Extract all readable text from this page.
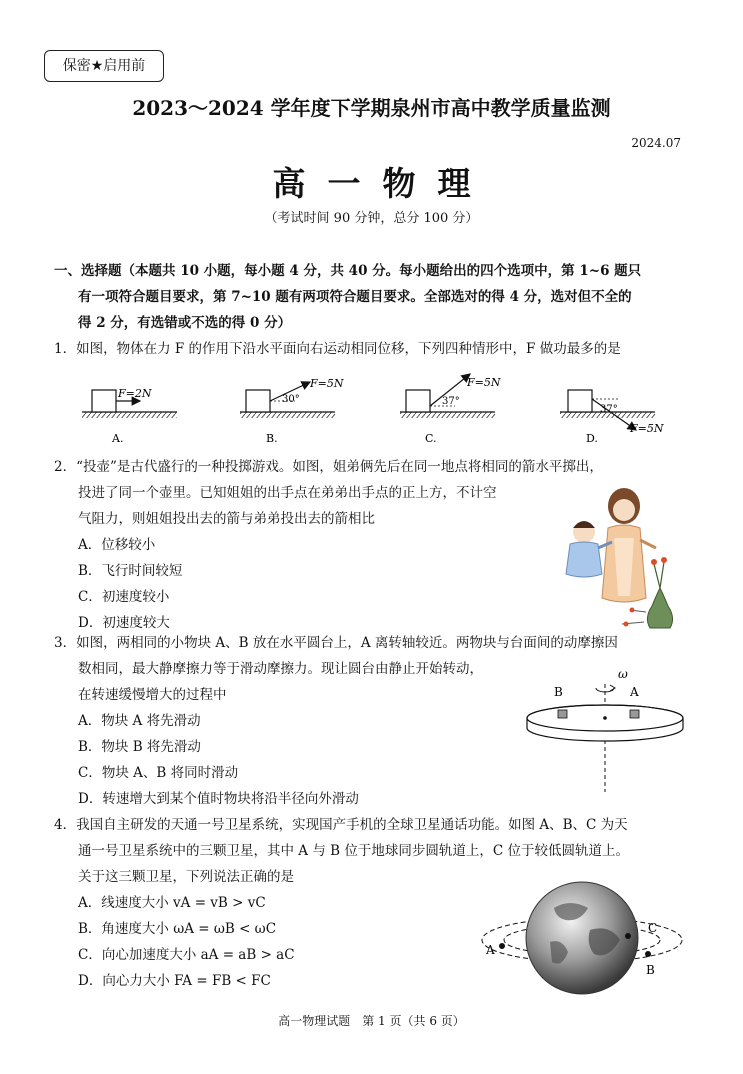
保密★启用前
2023～2024 学年度下学期泉州市高中教学质量监测
2024.07
高一物理
（考试时间 90 分钟，总分 100 分）
一、选择题（本题共 10 小题，每小题 4 分，共 40 分。每小题给出的四个选项中，第 1~6 题只
有一项符合题目要求，第 7~10 题有两项符合题目要求。全部选对的得 4 分，选对但不全的
得 2 分，有选错或不选的得 0 分）
1．如图，物体在力 F 的作用下沿水平面向右运动相同位移，下列四种情形中，F 做功最多的是
F=2N
A.
F=5N
30°
B.
F=5N
37°
C.
37°
F=5N
D.
2．“投壶”是古代盛行的一种投掷游戏。如图，姐弟俩先后在同一地点将相同的箭水平掷出，
投进了同一个壶里。已知姐姐的出手点在弟弟出手点的正上方，不计空
气阻力，则姐姐投出去的箭与弟弟投出去的箭相比
A．位移较小
B．飞行时间较短
C．初速度较小
D．初速度较大
3．如图，两相同的小物块 A、B 放在水平圆台上，A 离转轴较近。两物块与台面间的动摩擦因
数相同，最大静摩擦力等于滑动摩擦力。现让圆台由静止开始转动，
在转速缓慢增大的过程中
A．物块 A 将先滑动
B．物块 B 将先滑动
C．物块 A、B 将同时滑动
D．转速增大到某个值时物块将沿半径向外滑动
ω
B	A
4．我国自主研发的天通一号卫星系统，实现国产手机的全球卫星通话功能。如图 A、B、C 为天
通一号卫星系统中的三颗卫星，其中 A 与 B 位于地球同步圆轨道上，C 位于较低圆轨道上。
关于这三颗卫星，下列说法正确的是
A．线速度大小 vA = vB > vC
B．角速度大小 ωA = ωB < ωC
C．向心加速度大小 aA = aB > aC
D．向心力大小 FA = FB < FC
A
B
C
高一物理试题　第 1 页（共 6 页）
